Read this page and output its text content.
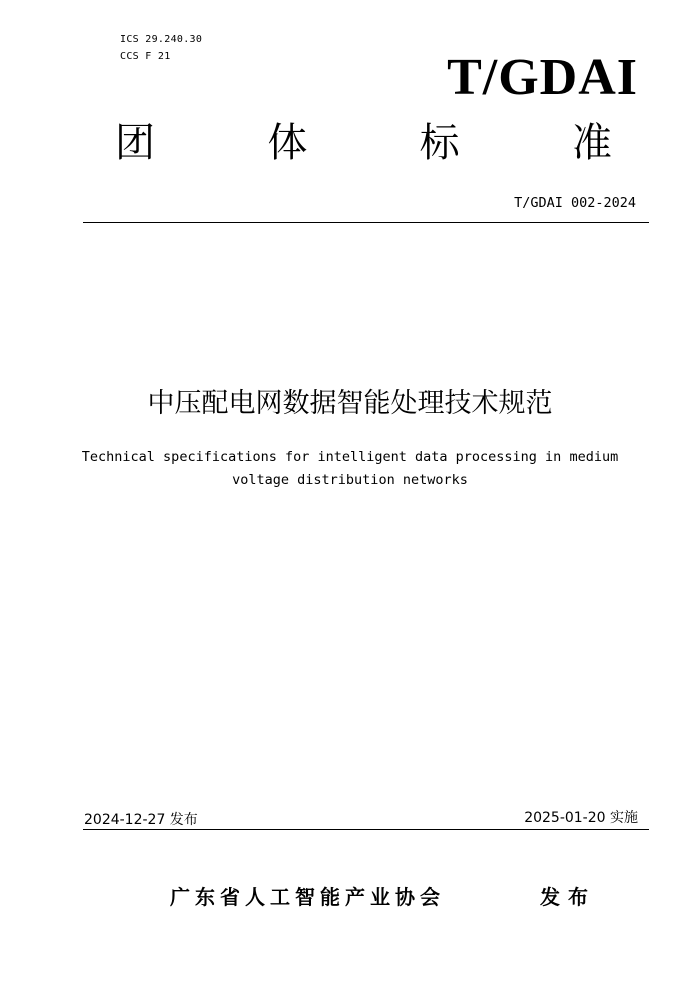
ICS 29.240.30
CCS F 21	T/GDAI
团	体	标	准
T/GDAI 002-2024
中压配电网数据智能处理技术规范
Technical specifications for intelligent data processing in medium
voltage distribution networks
2024-12-27 发布	2025-01-20 实施
广东省人工智能产业协会	发布
